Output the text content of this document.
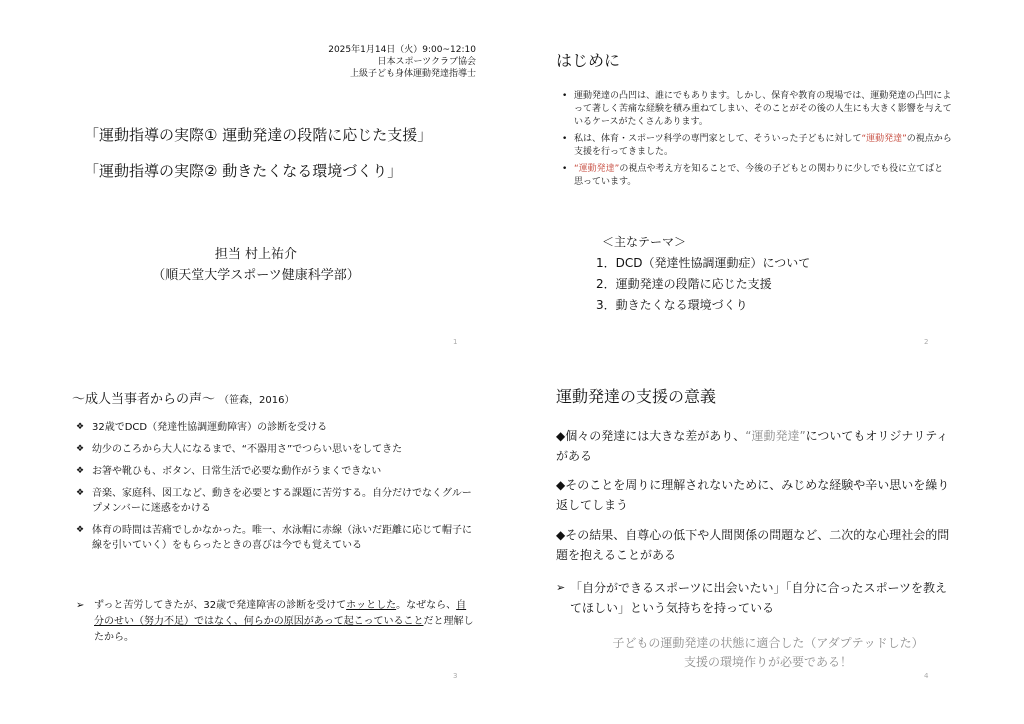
2025年1月14日（火）9:00~12:10
日本スポーツクラブ協会
上級子ども身体運動発達指導士
「運動指導の実際① 運動発達の段階に応じた支援」
「運動指導の実際② 動きたくなる環境づくり」
担当 村上祐介
（順天堂大学スポーツ健康科学部）
1
はじめに
• 運動発達の凸凹は、誰にでもあります。しかし、保育や教育の現場では、運動発達の凸凹によって著しく苦痛な経験を積み重ねてしまい、そのことがその後の人生にも大きく影響を与えているケースがたくさんあります。
• 私は、体育・スポーツ科学の専門家として、そういった子どもに対して“運動発達”の視点から支援を行ってきました。
• “運動発達”の視点や考え方を知ることで、今後の子どもとの関わりに少しでも役に立てばと思っています。
＜主なテーマ＞
1．DCD（発達性協調運動症）について
2．運動発達の段階に応じた支援
3．動きたくなる環境づくり
2
～成人当事者からの声～ （笹森，2016）
❖ 32歳でDCD（発達性協調運動障害）の診断を受ける
❖ 幼少のころから大人になるまで、“不器用さ”でつらい思いをしてきた
❖ お箸や靴ひも、ボタン、日常生活で必要な動作がうまくできない
❖ 音楽、家庭科、図工など、動きを必要とする課題に苦労する。自分だけでなくグループメンバーに迷惑をかける
❖ 体育の時間は苦痛でしかなかった。唯一、水泳帽に赤線（泳いだ距離に応じて帽子に線を引いていく）をもらったときの喜びは今でも覚えている
➢ ずっと苦労してきたが、32歳で発達障害の診断を受けてホッとした。なぜなら、自分のせい（努力不足）ではなく、何らかの原因があって起こっていることだと理解したから。
3
運動発達の支援の意義
◆個々の発達には大きな差があり、“運動発達”についてもオリジナリティがある
◆そのことを周りに理解されないために、みじめな経験や辛い思いを繰り返してしまう
◆その結果、自尊心の低下や人間関係の問題など、二次的な心理社会的問題を抱えることがある
➢ 「自分ができるスポーツに出会いたい」「自分に合ったスポーツを教えてほしい」という気持ちを持っている
子どもの運動発達の状態に適合した（アダプテッドした）
支援の環境作りが必要である！
4
